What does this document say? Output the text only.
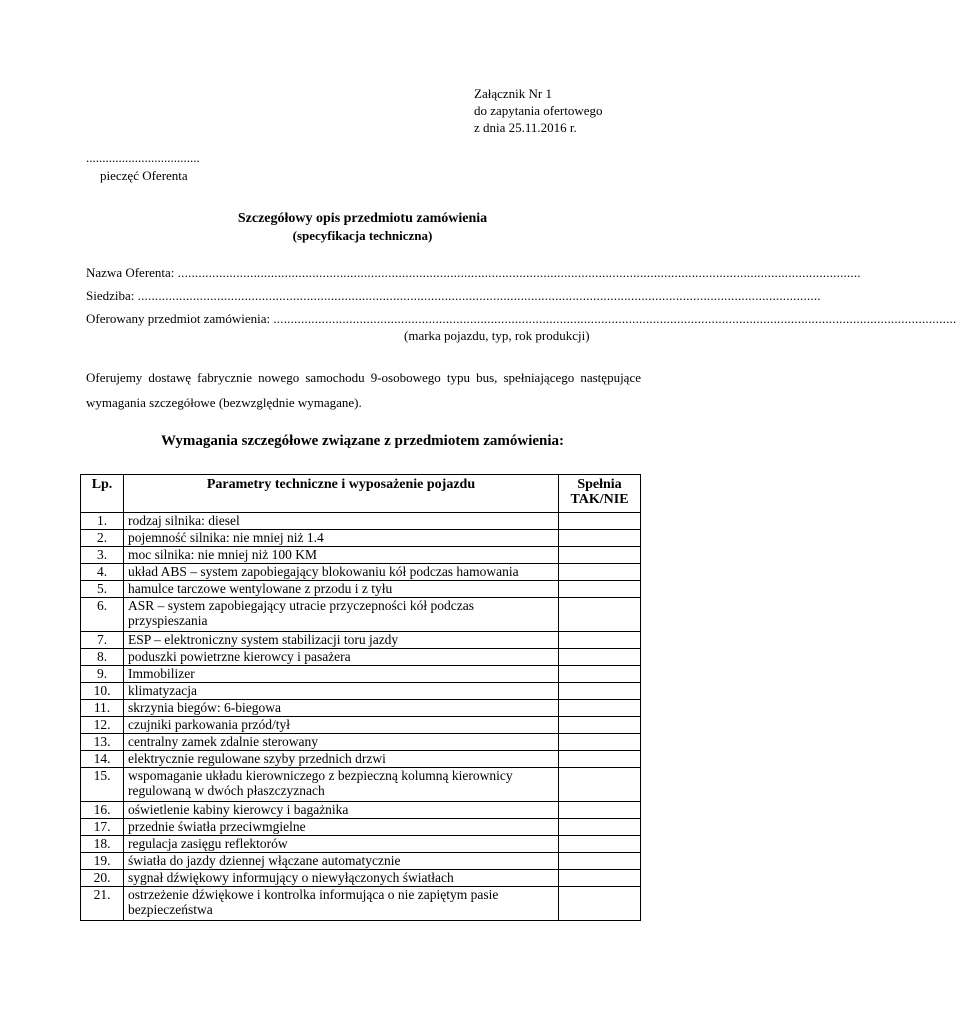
Załącznik Nr 1
do zapytania ofertowego
z dnia 25.11.2016 r.
...................................
pieczęć Oferenta
Szczegółowy opis przedmiotu zamówienia
(specyfikacja techniczna)
Nazwa Oferenta: ......................................................................................................................................................................................................
Siedziba: ......................................................................................................................................................................................................
Oferowany przedmiot zamówienia: ......................................................................................................................................................................................................
(marka pojazdu, typ, rok produkcji)
Oferujemy dostawę fabrycznie nowego samochodu 9-osobowego typu bus, spełniającego następujące wymagania szczegółowe (bezwzględnie wymagane).
Wymagania szczegółowe związane z przedmiotem zamówienia:
Lp.	Parametry techniczne i wyposażenie pojazdu	Spełnia
TAK/NIE
1.	rodzaj silnika: diesel	
2.	pojemność silnika: nie mniej niż 1.4	
3.	moc silnika: nie mniej niż 100 KM	
4.	układ ABS – system zapobiegający blokowaniu kół podczas hamowania	
5.	hamulce tarczowe wentylowane z przodu i z tyłu	
6.	ASR – system zapobiegający utracie przyczepności kół podczas przyspieszania	
7.	ESP – elektroniczny system stabilizacji toru jazdy	
8.	poduszki powietrzne kierowcy i pasażera	
9.	Immobilizer	
10.	klimatyzacja	
11.	skrzynia biegów: 6-biegowa	
12.	czujniki parkowania przód/tył	
13.	centralny zamek zdalnie sterowany	
14.	elektrycznie regulowane szyby przednich drzwi	
15.	wspomaganie układu kierowniczego z bezpieczną kolumną kierownicy regulowaną w dwóch płaszczyznach	
16.	oświetlenie kabiny kierowcy i bagażnika	
17.	przednie światła przeciwmgielne	
18.	regulacja zasięgu reflektorów	
19.	światła do jazdy dziennej włączane automatycznie	
20.	sygnał dźwiękowy informujący o niewyłączonych światłach	
21.	ostrzeżenie dźwiękowe i kontrolka informująca o nie zapiętym pasie bezpieczeństwa	
